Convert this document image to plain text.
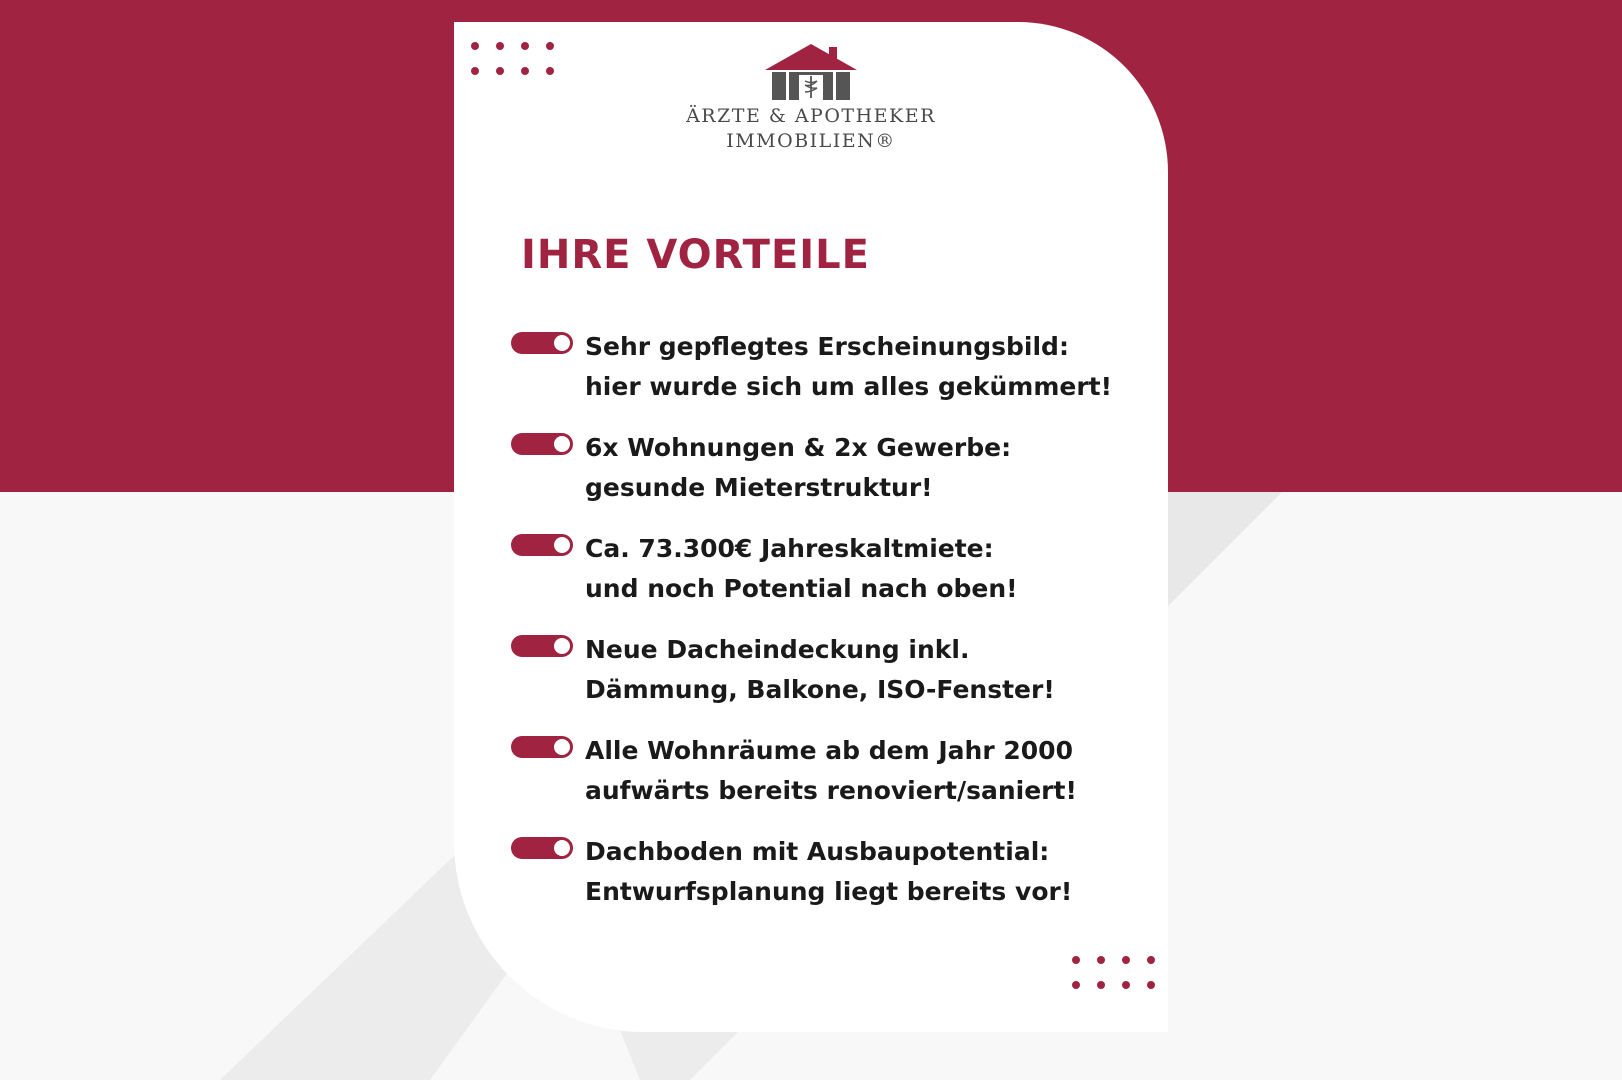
ÄRZTE & APOTHEKER
IMMOBILIEN®
IHRE VORTEILE
Sehr gepflegtes Erscheinungsbild:
hier wurde sich um alles gekümmert!
6x Wohnungen & 2x Gewerbe:
gesunde Mieterstruktur!
Ca. 73.300€ Jahreskaltmiete:
und noch Potential nach oben!
Neue Dacheindeckung inkl.
Dämmung, Balkone, ISO-Fenster!
Alle Wohnräume ab dem Jahr 2000
aufwärts bereits renoviert/saniert!
Dachboden mit Ausbaupotential:
Entwurfsplanung liegt bereits vor!
